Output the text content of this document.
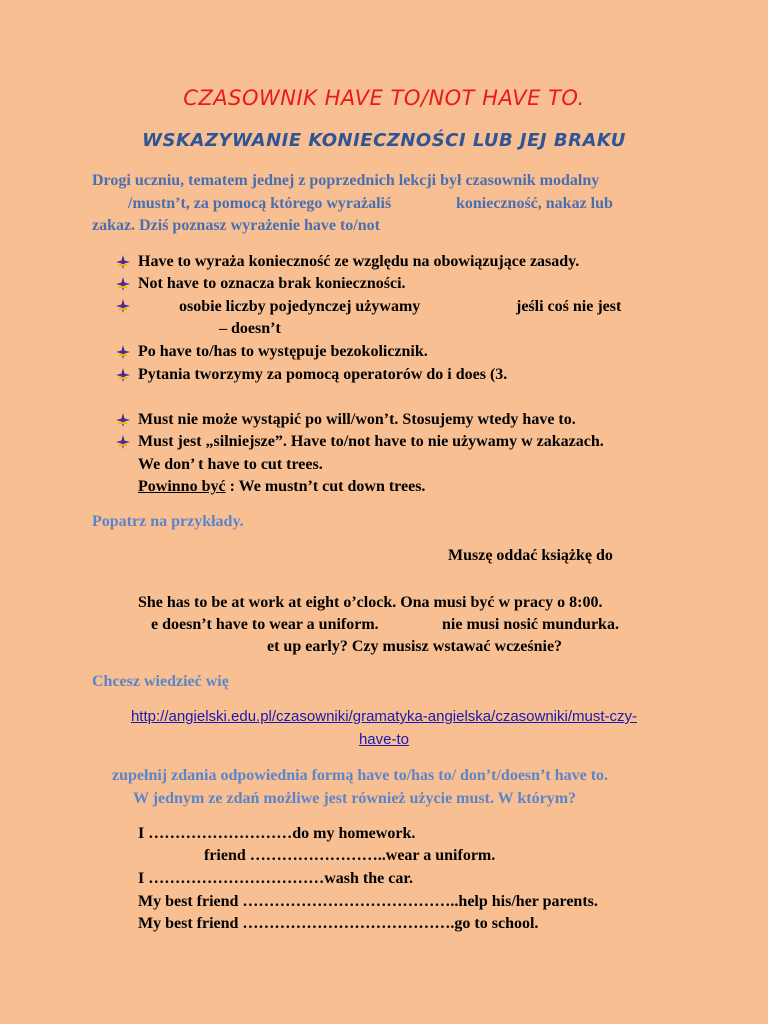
CZASOWNIK HAVE TO/NOT HAVE TO.
WSKAZYWANIE KONIECZNOŚCI LUB JEJ BRAKU
Drogi uczniu, tematem jednej z poprzednich lekcji był czasownik modalny
/mustn’t, za pomocą którego wyrażaliś	konieczność, nakaz lub
zakaz. Dziś poznasz wyrażenie have to/not
Have to wyraża konieczność ze względu na obowiązujące zasady.
Not have to oznacza brak konieczności.
osobie liczby pojedynczej używamy	jeśli coś nie jest
– doesn’t
Po have to/has to występuje bezokolicznik.
Pytania tworzymy za pomocą operatorów do i does (3.
Must nie może wystąpić po will/won’t. Stosujemy wtedy have to.
Must jest „silniejsze”. Have to/not have to nie używamy w zakazach.
We don’ t have to cut trees.
Powinno być : We mustn’t cut down trees.
Popatrz na przykłady.
Muszę oddać książkę do
She has to be at work at eight o’clock. Ona musi być w pracy o 8:00.
e doesn’t have to wear a uniform.	nie musi nosić mundurka.
et up early? Czy musisz wstawać wcześnie?
Chcesz wiedzieć wię
http://angielski.edu.pl/czasowniki/gramatyka-angielska/czasowniki/must-czy-
have-to
zupełnij zdania odpowiednia formą have to/has to/ don’t/doesn’t have to.
W jednym ze zdań możliwe jest również użycie must. W którym?
I ………………………do my homework.
friend ……………………..wear a uniform.
I ……………………………wash the car.
My best friend …………………………………..help his/her parents.
My best friend ………………………………….go to school.
